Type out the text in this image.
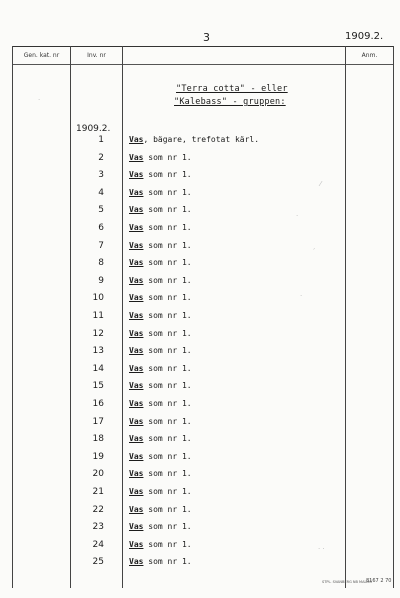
3	1909.2.
Gen. kat. nr	Inv. nr	Anm.
"Terra cotta" - eller
"Kalebass" - gruppen:
1909.2.
1	Vas, bägare, trefotat kärl.
2	Vas som nr 1.
3	Vas som nr 1.
4	Vas som nr 1.
5	Vas som nr 1.
6	Vas som nr 1.
7	Vas som nr 1.
8	Vas som nr 1.
9	Vas som nr 1.
10	Vas som nr 1.
11	Vas som nr 1.
12	Vas som nr 1.
13	Vas som nr 1.
14	Vas som nr 1.
15	Vas som nr 1.
16	Vas som nr 1.
17	Vas som nr 1.
18	Vas som nr 1.
19	Vas som nr 1.
20	Vas som nr 1.
21	Vas som nr 1.
22	Vas som nr 1.
23	Vas som nr 1.
24	Vas som nr 1.
25	Vas som nr 1.
·
⁄
·
ˊ
·
· ·
STPL. SVANBERG NB MALMÖ
8167 2 70
